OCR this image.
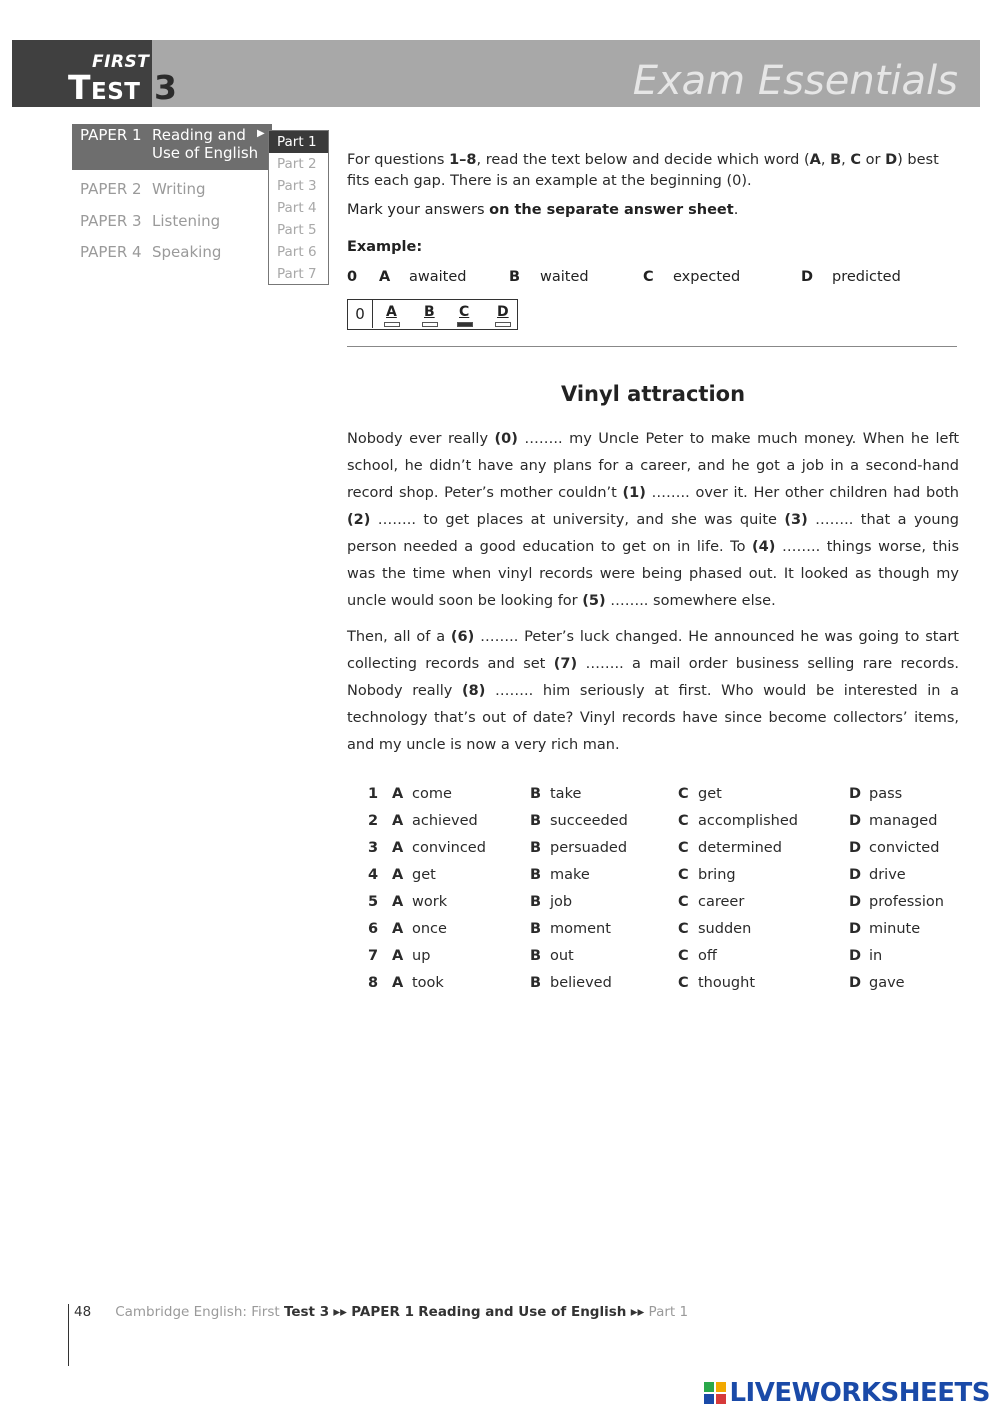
FIRST
Test 3	Exam Essentials
PAPER 1 Reading and
Use of English
▶
PAPER 2 Writing
PAPER 3 Listening
PAPER 4 Speaking
Part 1
Part 2
Part 3
Part 4
Part 5
Part 6
Part 7
For questions 1–8, read the text below and decide which word (A, B, C or D) best fits each gap. There is an example at the beginning (0).
Mark your answers on the separate answer sheet.
Example:
0 A awaited	B waited	C expected	D predicted
0	A B C D
Vinyl attraction
Nobody ever really (0) …….. my Uncle Peter to make much money. When he left school, he didn’t have any plans for a career, and he got a job in a second-hand record shop. Peter’s mother couldn’t (1) …….. over it. Her other children had both (2) …….. to get places at university, and she was quite (3) …….. that a young person needed a good education to get on in life. To (4) …….. things worse, this was the time when vinyl records were being phased out. It looked as though my uncle would soon be looking for (5) …….. somewhere else.
Then, all of a (6) …….. Peter’s luck changed. He announced he was going to start collecting records and set (7) …….. a mail order business selling rare records. Nobody really (8) …….. him seriously at first. Who would be interested in a technology that’s out of date? Vinyl records have since become collectors’ items, and my uncle is now a very rich man.
1 A come	B take	C get	D pass
2 A achieved	B succeeded	C accomplished	D managed
3 A convinced	B persuaded	C determined	D convicted
4 A get	B make	C bring	D drive
5 A work	B job	C career	D profession
6 A once	B moment	C sudden	D minute
7 A up	B out	C off	D in
8 A took	B believed	C thought	D gave
48 Cambridge English: First Test 3 ▸▸ PAPER 1 Reading and Use of English ▸▸ Part 1
LIVEWORKSHEETS
